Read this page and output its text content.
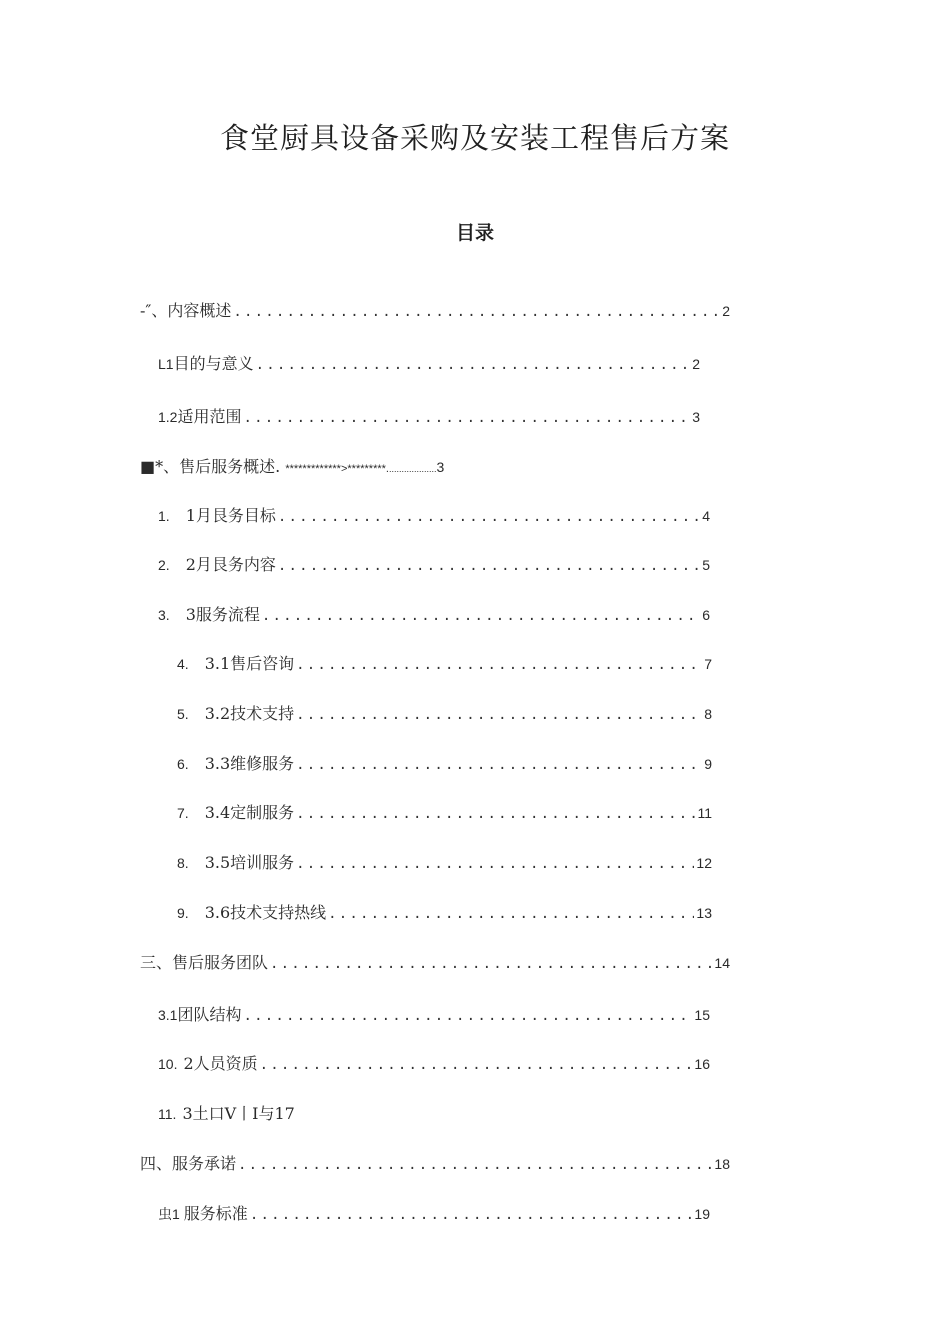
食堂厨具设备采购及安装工程售后方案
目录
-″、内容概述 .....	2
L1 目的与意义 .....	2
1.2 适用范围 .....	3
■*、售后服务概述. *************>*********....................3
1. 1月艮务目标 .....	4
2. 2月艮务内容 .....	5
3. 3服务流程 .....	6
4. 3.1售后咨询 .....	7
5. 3.2技术支持 .....	8
6. 3.3维修服务 .....	9
7. 3.4定制服务 .....	11
8. 3.5培训服务 .....	12
9. 3.6技术支持热线 .....	13
三、售后服务团队 .....	14
3.1 团队结构 .....	15
10. 2人员资质 .....	16
11. 3土口V丨I与17
四、服务承诺 .....	18
虫1 服务标准 .....	19
